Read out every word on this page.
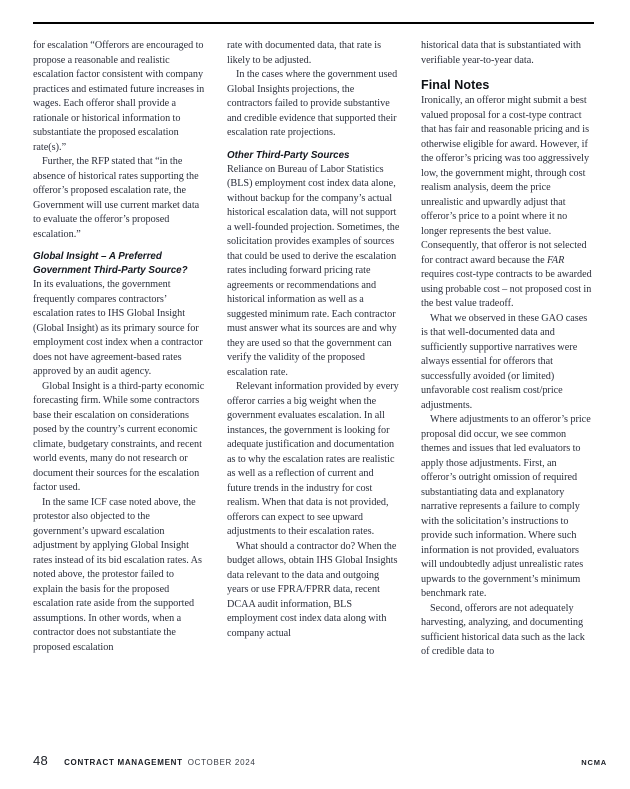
for escalation “Offerors are encouraged to propose a reasonable and realistic escalation factor consistent with company practices and estimated future increases in wages. Each offeror shall provide a rationale or historical information to substantiate the proposed escalation rate(s).”

Further, the RFP stated that “in the absence of historical rates supporting the offeror’s proposed escalation rate, the Government will use current market data to evaluate the offeror’s proposed escalation.”

Global Insight – A Preferred Government Third-Party Source?

In its evaluations, the government frequently compares contractors’ escalation rates to IHS Global Insight (Global Insight) as its primary source for employment cost index when a contractor does not have agreement-based rates approved by an audit agency.

Global Insight is a third-party economic forecasting firm. While some contractors base their escalation on considerations posed by the country’s current economic climate, budgetary constraints, and recent world events, many do not research or document their sources for the escalation factor used.

In the same ICF case noted above, the protestor also objected to the government’s upward escalation adjustment by applying Global Insight rates instead of its bid escalation rates. As noted above, the protestor failed to explain the basis for the proposed escalation rate aside from the supported assumptions. In other words, when a contractor does not substantiate the proposed escalation

rate with documented data, that rate is likely to be adjusted.

In the cases where the government used Global Insights projections, the contractors failed to provide substantive and credible evidence that supported their escalation rate projections.

Other Third-Party Sources

Reliance on Bureau of Labor Statistics (BLS) employment cost index data alone, without backup for the company’s actual historical escalation data, will not support a well-founded projection. Sometimes, the solicitation provides examples of sources that could be used to derive the escalation rates including forward pricing rate agreements or recommendations and historical information as well as a suggested minimum rate. Each contractor must answer what its sources are and why they are used so that the government can verify the validity of the proposed escalation rate.

Relevant information provided by every offeror carries a big weight when the government evaluates escalation. In all instances, the government is looking for adequate justification and documentation as to why the escalation rates are realistic as well as a reflection of current and future trends in the industry for cost realism. When that data is not provided, offerors can expect to see upward adjustments to their escalation rates.

What should a contractor do? When the budget allows, obtain IHS Global Insights data relevant to the data and outgoing years or use FPRA/FPRR data, recent DCAA audit information, BLS employment cost index data along with company actual

historical data that is substantiated with verifiable year-to-year data.

Final Notes

Ironically, an offeror might submit a best valued proposal for a cost-type contract that has fair and reasonable pricing and is otherwise eligible for award. However, if the offeror’s pricing was too aggressively low, the government might, through cost realism analysis, deem the price unrealistic and upwardly adjust that offeror’s price to a point where it no longer represents the best value. Consequently, that offeror is not selected for contract award because the FAR requires cost-type contracts to be awarded using probable cost – not proposed cost in the best value tradeoff.

What we observed in these GAO cases is that well-documented data and sufficiently supportive narratives were always essential for offerors that successfully avoided (or limited) unfavorable cost realism cost/price adjustments.

Where adjustments to an offeror’s price proposal did occur, we see common themes and issues that led evaluators to apply those adjustments. First, an offeror’s outright omission of required substantiating data and explanatory narrative represents a failure to comply with the solicitation’s instructions to provide such information. Where such information is not provided, evaluators will undoubtedly adjust unrealistic rates upwards to the government’s minimum benchmark rate.

Second, offerors are not adequately harvesting, analyzing, and documenting sufficient historical data such as the lack of credible data to

48 CONTRACT MANAGEMENT OCTOBER 2024	NCMA
